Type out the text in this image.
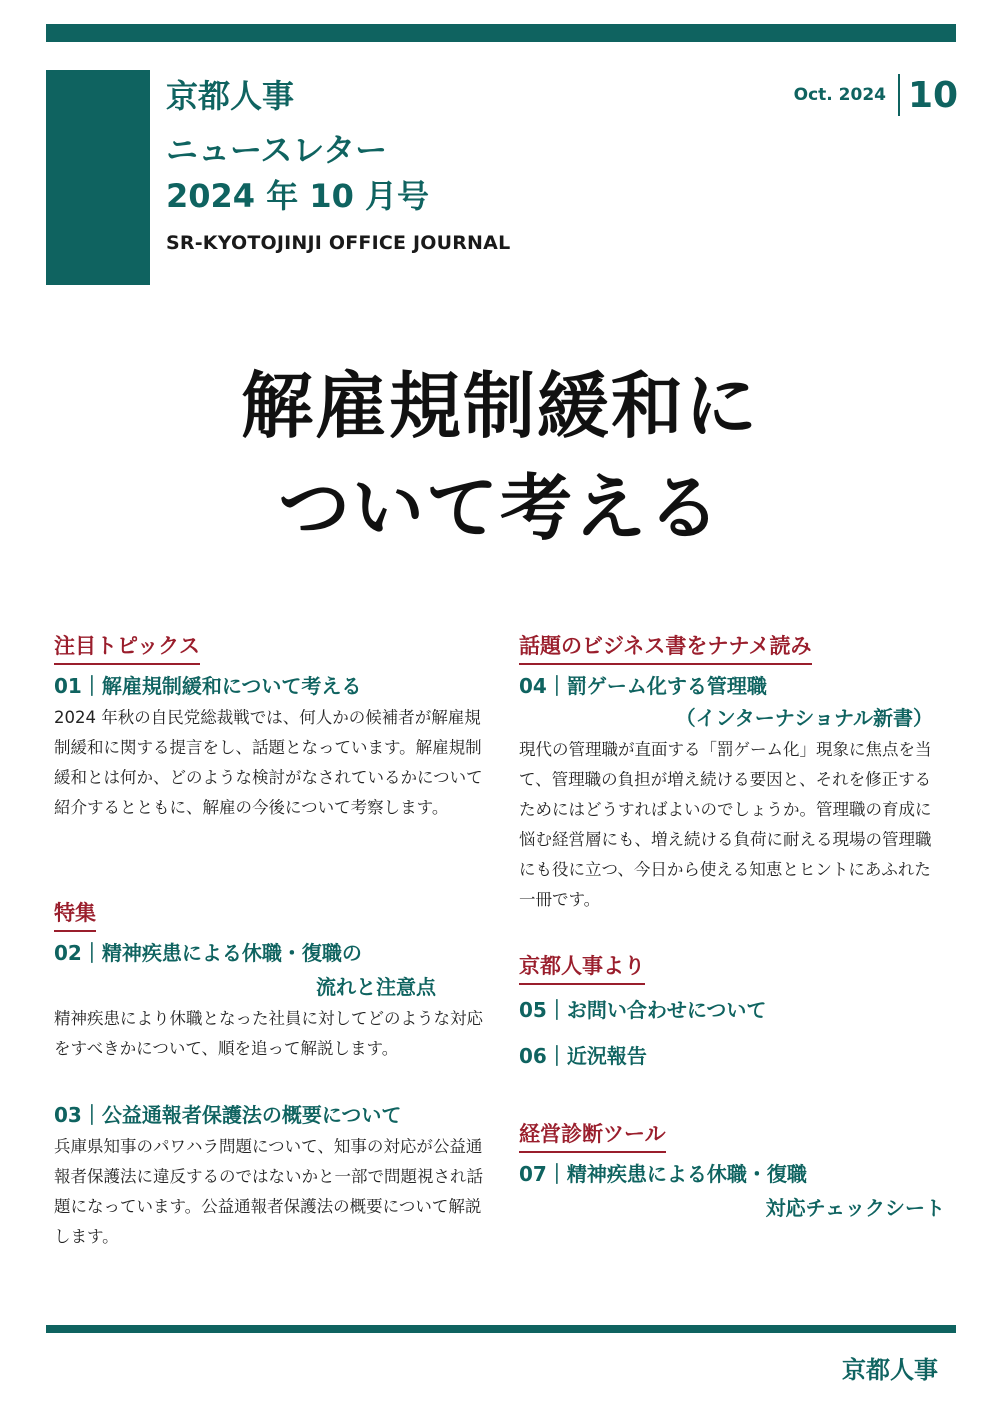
京都人事
ニュースレター
2024 年 10 月号
SR-KYOTOJINJI OFFICE JOURNAL
Oct. 2024 10
解雇規制緩和に
ついて考える
注目トピックス
01｜解雇規制緩和について考える
2024 年秋の自民党総裁戦では、何人かの候補者が解雇規制緩和に関する提言をし、話題となっています。解雇規制緩和とは何か、どのような検討がなされているかについて紹介するとともに、解雇の今後について考察します。
特集
02｜精神疾患による休職・復職の
流れと注意点
精神疾患により休職となった社員に対してどのような対応をすべきかについて、順を追って解説します。
03｜公益通報者保護法の概要について
兵庫県知事のパワハラ問題について、知事の対応が公益通報者保護法に違反するのではないかと一部で問題視され話題になっています。公益通報者保護法の概要について解説します。
話題のビジネス書をナナメ読み
04｜罰ゲーム化する管理職
（インターナショナル新書）
現代の管理職が直面する「罰ゲーム化」現象に焦点を当て、管理職の負担が増え続ける要因と、それを修正するためにはどうすればよいのでしょうか。管理職の育成に悩む経営層にも、増え続ける負荷に耐える現場の管理職にも役に立つ、今日から使える知恵とヒントにあふれた一冊です。
京都人事より
05｜お問い合わせについて
06｜近況報告
経営診断ツール
07｜精神疾患による休職・復職
対応チェックシート
京都人事
